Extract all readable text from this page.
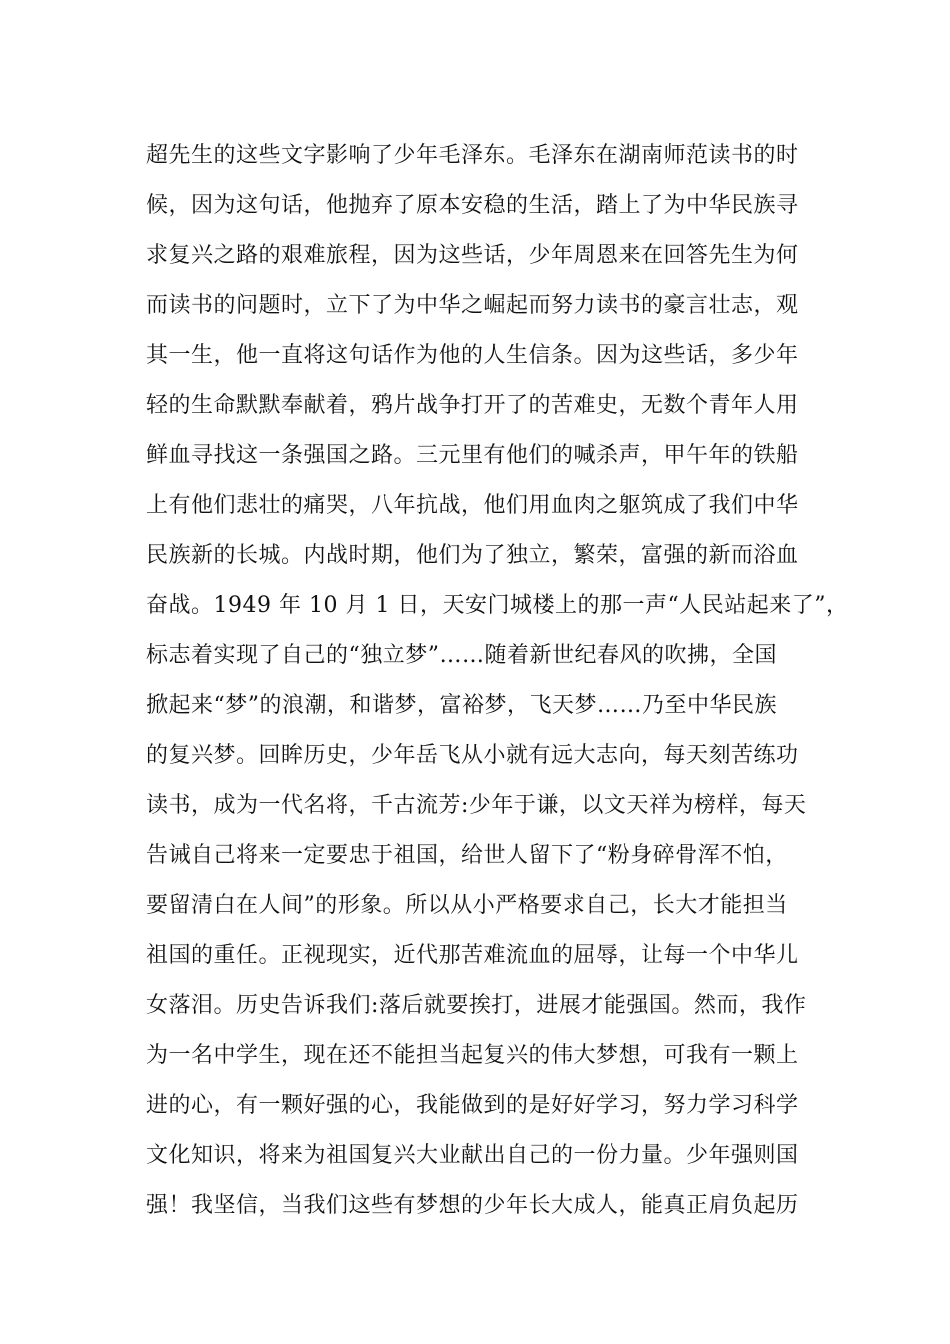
超先生的这些文字影响了少年毛泽东。毛泽东在湖南师范读书的时
候，因为这句话，他抛弃了原本安稳的生活，踏上了为中华民族寻
求复兴之路的艰难旅程，因为这些话，少年周恩来在回答先生为何
而读书的问题时，立下了为中华之崛起而努力读书的豪言壮志，观
其一生，他一直将这句话作为他的人生信条。因为这些话，多少年
轻的生命默默奉献着，鸦片战争打开了的苦难史，无数个青年人用
鲜血寻找这一条强国之路。三元里有他们的喊杀声，甲午年的铁船
上有他们悲壮的痛哭，八年抗战，他们用血肉之躯筑成了我们中华
民族新的长城。内战时期，他们为了独立，繁荣，富强的新而浴血
奋战。1949 年 10 月 1 日，天安门城楼上的那一声“人民站起来了”，
标志着实现了自己的“独立梦”……随着新世纪春风的吹拂，全国
掀起来“梦”的浪潮，和谐梦，富裕梦，飞天梦……乃至中华民族
的复兴梦。回眸历史，少年岳飞从小就有远大志向，每天刻苦练功
读书，成为一代名将，千古流芳:少年于谦，以文天祥为榜样，每天
告诫自己将来一定要忠于祖国，给世人留下了“粉身碎骨浑不怕，
要留清白在人间”的形象。所以从小严格要求自己，长大才能担当
祖国的重任。正视现实，近代那苦难流血的屈辱，让每一个中华儿
女落泪。历史告诉我们:落后就要挨打，进展才能强国。然而，我作
为一名中学生，现在还不能担当起复兴的伟大梦想，可我有一颗上
进的心，有一颗好强的心，我能做到的是好好学习，努力学习科学
文化知识，将来为祖国复兴大业献出自己的一份力量。少年强则国
强！我坚信，当我们这些有梦想的少年长大成人，能真正肩负起历
